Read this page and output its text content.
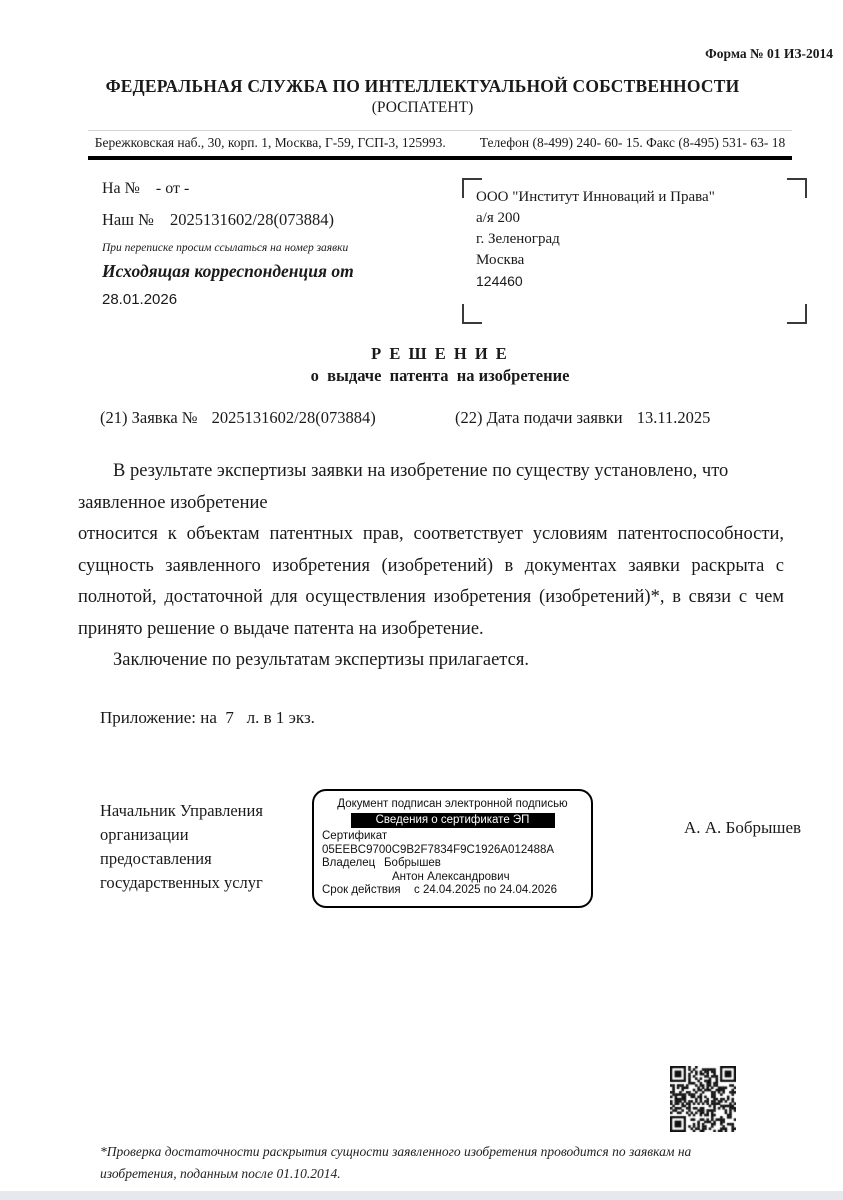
Форма № 01 ИЗ-2014
ФЕДЕРАЛЬНАЯ СЛУЖБА ПО ИНТЕЛЛЕКТУАЛЬНОЙ СОБСТВЕННОСТИ
(РОСПАТЕНТ)
Бережковская наб., 30, корп. 1, Москва, Г-59, ГСП-3, 125993.	Телефон (8-499) 240- 60- 15. Факс (8-495) 531- 63- 18
На № - от -
Наш № 2025131602/28(073884)
При переписке просим ссылаться на номер заявки
Исходящая корреспонденция от
28.01.2026
ООО "Институт Инноваций и Права"
а/я 200
г. Зеленоград
Москва
124460
Р Е Ш Е Н И Е
о  выдаче  патента  на изобретение
(21) Заявка № 2025131602/28(073884)	(22) Дата подачи заявки 13.11.2025
В результате экспертизы заявки на изобретение по существу установлено, что
заявленное изобретение
относится к объектам патентных прав, соответствует условиям патентоспособности,
сущность заявленного изобретения (изобретений) в документах заявки раскрыта с
полнотой, достаточной для осуществления изобретения (изобретений)*, в связи с чем
принято решение о выдаче патента на изобретение.
Заключение по результатам экспертизы прилагается.
Приложение: на  7   л. в 1 экз.
Начальник Управления
организации
предоставления
государственных услуг
Документ подписан электронной подписью
Сведения о сертификате ЭП
Сертификат
05EEBC9700C9B2F7834F9C1926A012488A
Владелец Бобрышев
Антон Александрович
Срок действия	с 24.04.2025 по 24.04.2026
А. А. Бобрышев
*Проверка достаточности раскрытия сущности заявленного изобретения проводится по заявкам на
изобретения, поданным после 01.10.2014.
